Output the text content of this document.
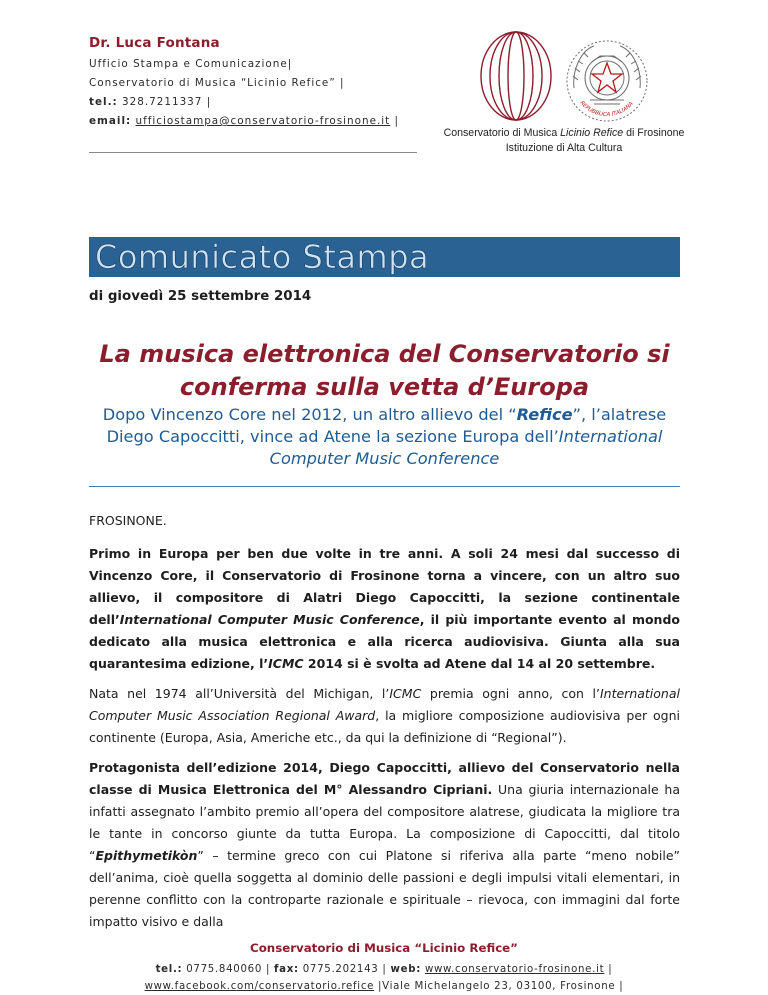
Dr. Luca Fontana
Ufficio Stampa e Comunicazione|
Conservatorio di Musica “Licinio Refice” |
tel.: 328.7211337 |
email: ufficiostampa@conservatorio-frosinone.it |
REPUBBLICA ITALIANA
Conservatorio di Musica Licinio Refice di Frosinone
Istituzione di Alta Cultura
Comunicato Stampa
di giovedì 25 settembre 2014
La musica elettronica del Conservatorio si
conferma sulla vetta d’Europa
Dopo Vincenzo Core nel 2012, un altro allievo del “Refice”, l’alatrese Diego Capoccitti, vince ad Atene la sezione Europa dell’International Computer Music Conference

FROSINONE.

Primo in Europa per ben due volte in tre anni. A soli 24 mesi dal successo di Vincenzo Core, il Conservatorio di Frosinone torna a vincere, con un altro suo allievo, il compositore di Alatri Diego Capoccitti, la sezione continentale dell’International Computer Music Conference, il più importante evento al mondo dedicato alla musica elettronica e alla ricerca audiovisiva. Giunta alla sua quarantesima edizione, l’ICMC 2014 si è svolta ad Atene dal 14 al 20 settembre.

Nata nel 1974 all’Università del Michigan, l’ICMC premia ogni anno, con l’International Computer Music Association Regional Award, la migliore composizione audiovisiva per ogni continente (Europa, Asia, Americhe etc., da qui la definizione di “Regional”).

Protagonista dell’edizione 2014, Diego Capoccitti, allievo del Conservatorio nella classe di Musica Elettronica del M° Alessandro Cipriani. Una giuria internazionale ha infatti assegnato l’ambito premio all’opera del compositore alatrese, giudicata la migliore tra le tante in concorso giunte da tutta Europa. La composizione di Capoccitti, dal titolo “Epithymetikòn” – termine greco con cui Platone si riferiva alla parte “meno nobile” dell’anima, cioè quella soggetta al dominio delle passioni e degli impulsi vitali elementari, in perenne conflitto con la controparte razionale e spirituale – rievoca, con immagini dal forte impatto visivo e dalla

Conservatorio di Musica “Licinio Refice”
tel.: 0775.840060 | fax: 0775.202143 | web: www.conservatorio-frosinone.it |
www.facebook.com/conservatorio.refice |Viale Michelangelo 23, 03100, Frosinone |
